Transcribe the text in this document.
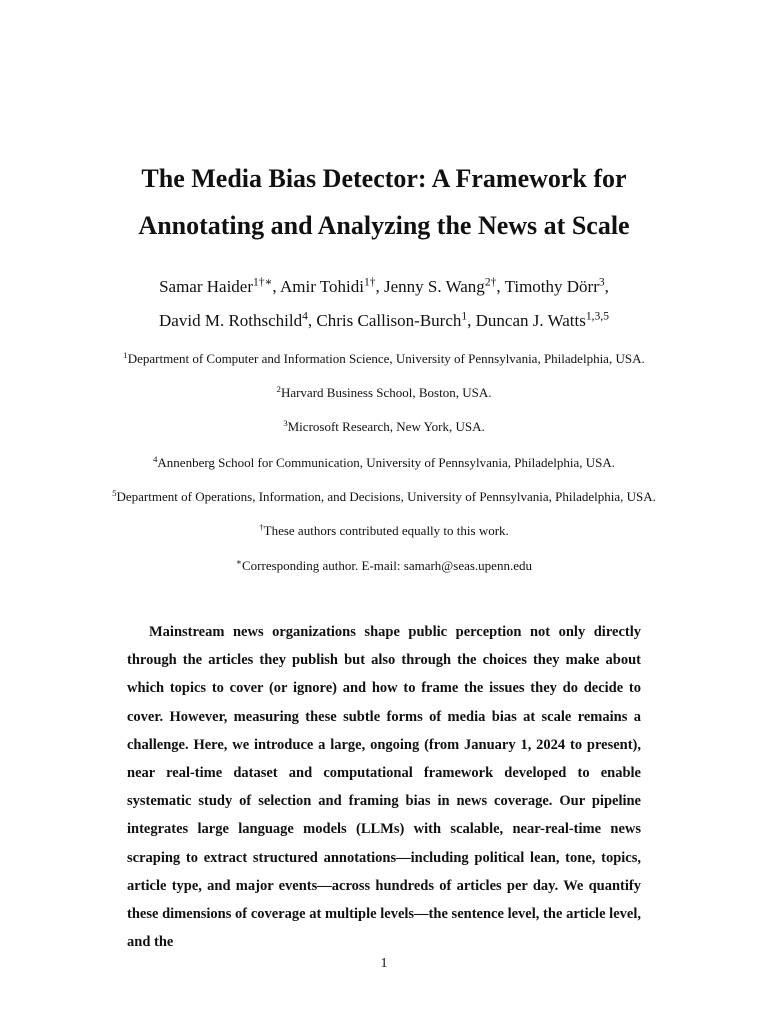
The Media Bias Detector: A Framework for
Annotating and Analyzing the News at Scale
Samar Haider$^{1\dagger∗}$, Amir Tohidi$^{1\dagger}$, Jenny S. Wang$^{2\dagger}$, Timothy Dörr$^3$,
David M. Rothschild$^4$, Chris Callison-Burch$^1$, Duncan J. Watts$^{1,3,5}$
$^1$Department of Computer and Information Science, University of Pennsylvania, Philadelphia, USA.
$^2$Harvard Business School, Boston, USA.
$^3$Microsoft Research, New York, USA.
$^4$Annenberg School for Communication, University of Pennsylvania, Philadelphia, USA.
$^5$Department of Operations, Information, and Decisions, University of Pennsylvania, Philadelphia, USA.
†These authors contributed equally to this work.
∗Corresponding author. E-mail: samarh@seas.upenn.edu

Mainstream news organizations shape public perception not only directly through the articles they publish but also through the choices they make about which topics to cover (or ignore) and how to frame the issues they do decide to cover. However, measuring these subtle forms of media bias at scale remains a challenge. Here, we introduce a large, ongoing (from January 1, 2024 to present), near real-time dataset and computational framework developed to enable systematic study of selection and framing bias in news coverage. Our pipeline integrates large language models (LLMs) with scalable, near-real-time news scraping to extract structured annotations—including political lean, tone, topics, article type, and major events—across hundreds of articles per day. We quantify these dimensions of coverage at multiple levels—the sentence level, the article level, and the

1
